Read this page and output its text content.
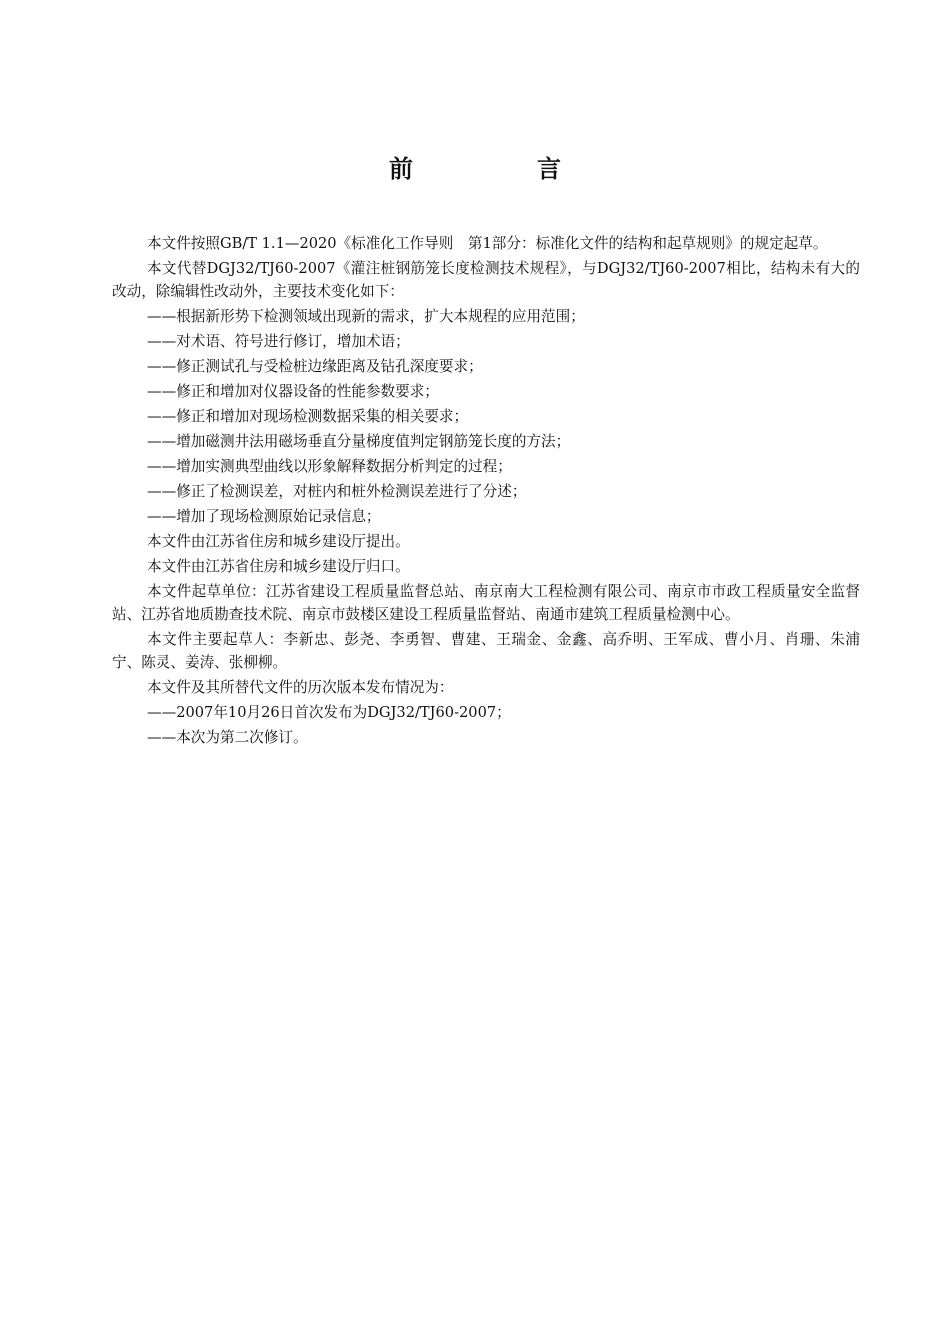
前　言

本文件按照GB/T 1.1—2020《标准化工作导则　第1部分：标准化文件的结构和起草规则》的规定起草。

本文代替DGJ32/TJ60-2007《灌注桩钢筋笼长度检测技术规程》，与DGJ32/TJ60-2007相比，结构未有大的改动，除编辑性改动外，主要技术变化如下：

——根据新形势下检测领域出现新的需求，扩大本规程的应用范围；

——对术语、符号进行修订，增加术语；

——修正测试孔与受检桩边缘距离及钻孔深度要求；

——修正和增加对仪器设备的性能参数要求；

——修正和增加对现场检测数据采集的相关要求；

——增加磁测井法用磁场垂直分量梯度值判定钢筋笼长度的方法；

——增加实测典型曲线以形象解释数据分析判定的过程；

——修正了检测误差，对桩内和桩外检测误差进行了分述；

——增加了现场检测原始记录信息；

本文件由江苏省住房和城乡建设厅提出。

本文件由江苏省住房和城乡建设厅归口。

本文件起草单位：江苏省建设工程质量监督总站、南京南大工程检测有限公司、南京市市政工程质量安全监督站、江苏省地质勘查技术院、南京市鼓楼区建设工程质量监督站、南通市建筑工程质量检测中心。

本文件主要起草人：李新忠、彭尧、李勇智、曹建、王瑞金、金鑫、高乔明、王军成、曹小月、肖珊、朱浦宁、陈灵、姜涛、张柳柳。

本文件及其所替代文件的历次版本发布情况为：

——2007年10月26日首次发布为DGJ32/TJ60-2007；

——本次为第二次修订。
